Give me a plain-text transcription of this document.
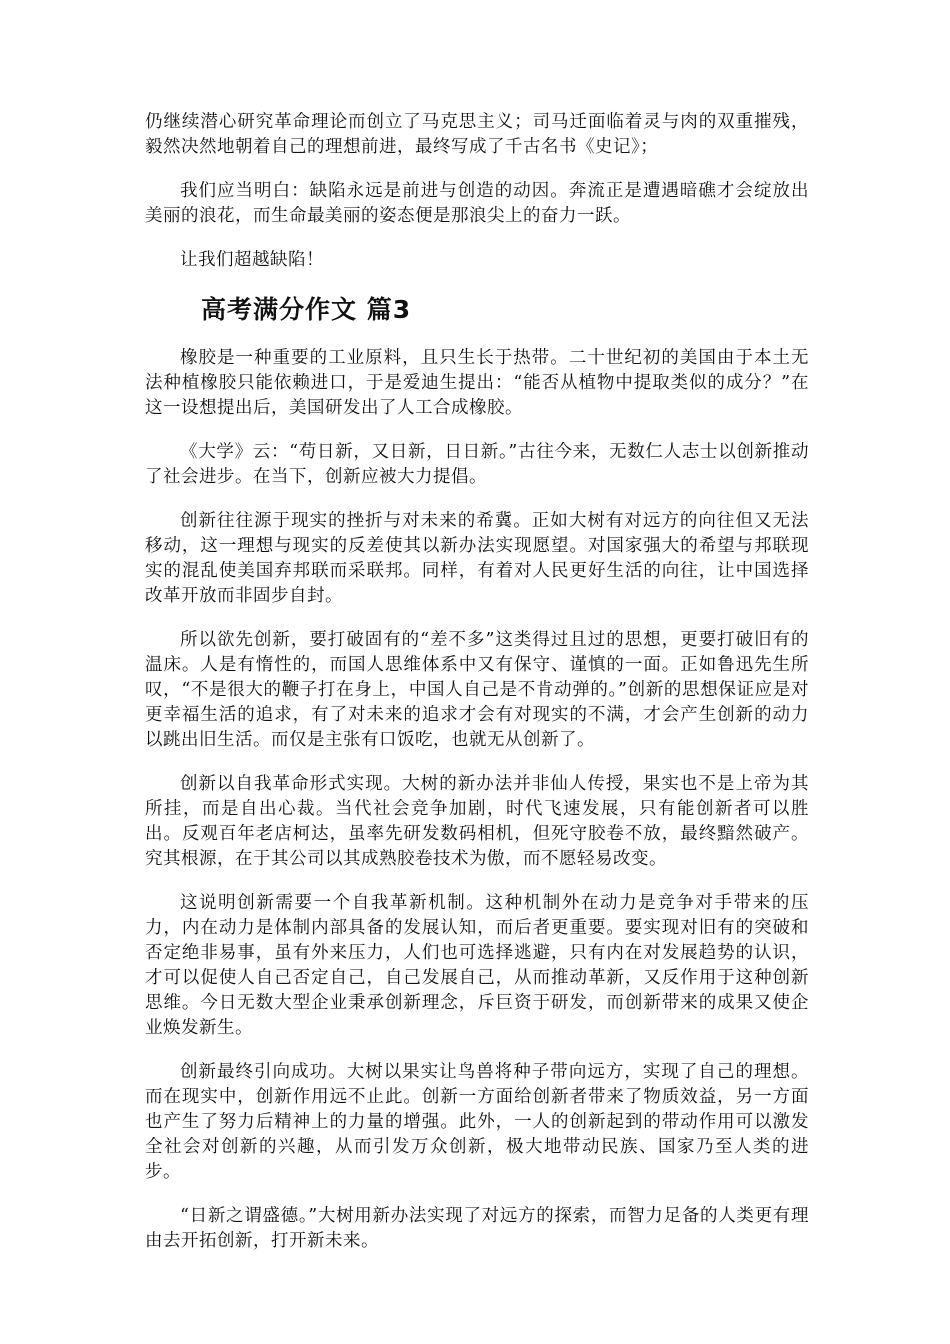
仍继续潜心研究革命理论而创立了马克思主义；司马迁面临着灵与肉的双重摧残，毅然决然地朝着自己的理想前进，最终写成了千古名书《史记》；

我们应当明白：缺陷永远是前进与创造的动因。奔流正是遭遇暗礁才会绽放出美丽的浪花，而生命最美丽的姿态便是那浪尖上的奋力一跃。

让我们超越缺陷！

高考满分作文 篇3

橡胶是一种重要的工业原料，且只生长于热带。二十世纪初的美国由于本土无法种植橡胶只能依赖进口，于是爱迪生提出：“能否从植物中提取类似的成分？”在这一设想提出后，美国研发出了人工合成橡胶。

《大学》云：“苟日新，又日新，日日新。”古往今来，无数仁人志士以创新推动了社会进步。在当下，创新应被大力提倡。

创新往往源于现实的挫折与对未来的希冀。正如大树有对远方的向往但又无法移动，这一理想与现实的反差使其以新办法实现愿望。对国家强大的希望与邦联现实的混乱使美国弃邦联而采联邦。同样，有着对人民更好生活的向往，让中国选择改革开放而非固步自封。

所以欲先创新，要打破固有的“差不多”这类得过且过的思想，更要打破旧有的温床。人是有惰性的，而国人思维体系中又有保守、谨慎的一面。正如鲁迅先生所叹，“不是很大的鞭子打在身上，中国人自己是不肯动弹的。”创新的思想保证应是对更幸福生活的追求，有了对未来的追求才会有对现实的不满，才会产生创新的动力以跳出旧生活。而仅是主张有口饭吃，也就无从创新了。

创新以自我革命形式实现。大树的新办法并非仙人传授，果实也不是上帝为其所挂，而是自出心裁。当代社会竞争加剧，时代飞速发展，只有能创新者可以胜出。反观百年老店柯达，虽率先研发数码相机，但死守胶卷不放，最终黯然破产。究其根源，在于其公司以其成熟胶卷技术为傲，而不愿轻易改变。

这说明创新需要一个自我革新机制。这种机制外在动力是竞争对手带来的压力，内在动力是体制内部具备的发展认知，而后者更重要。要实现对旧有的突破和否定绝非易事，虽有外来压力，人们也可选择逃避，只有内在对发展趋势的认识，才可以促使人自己否定自己，自己发展自己，从而推动革新，又反作用于这种创新思维。今日无数大型企业秉承创新理念，斥巨资于研发，而创新带来的成果又使企业焕发新生。

创新最终引向成功。大树以果实让鸟兽将种子带向远方，实现了自己的理想。而在现实中，创新作用远不止此。创新一方面给创新者带来了物质效益，另一方面也产生了努力后精神上的力量的增强。此外，一人的创新起到的带动作用可以激发全社会对创新的兴趣，从而引发万众创新，极大地带动民族、国家乃至人类的进步。

“日新之谓盛德。”大树用新办法实现了对远方的探索，而智力足备的人类更有理由去开拓创新，打开新未来。
